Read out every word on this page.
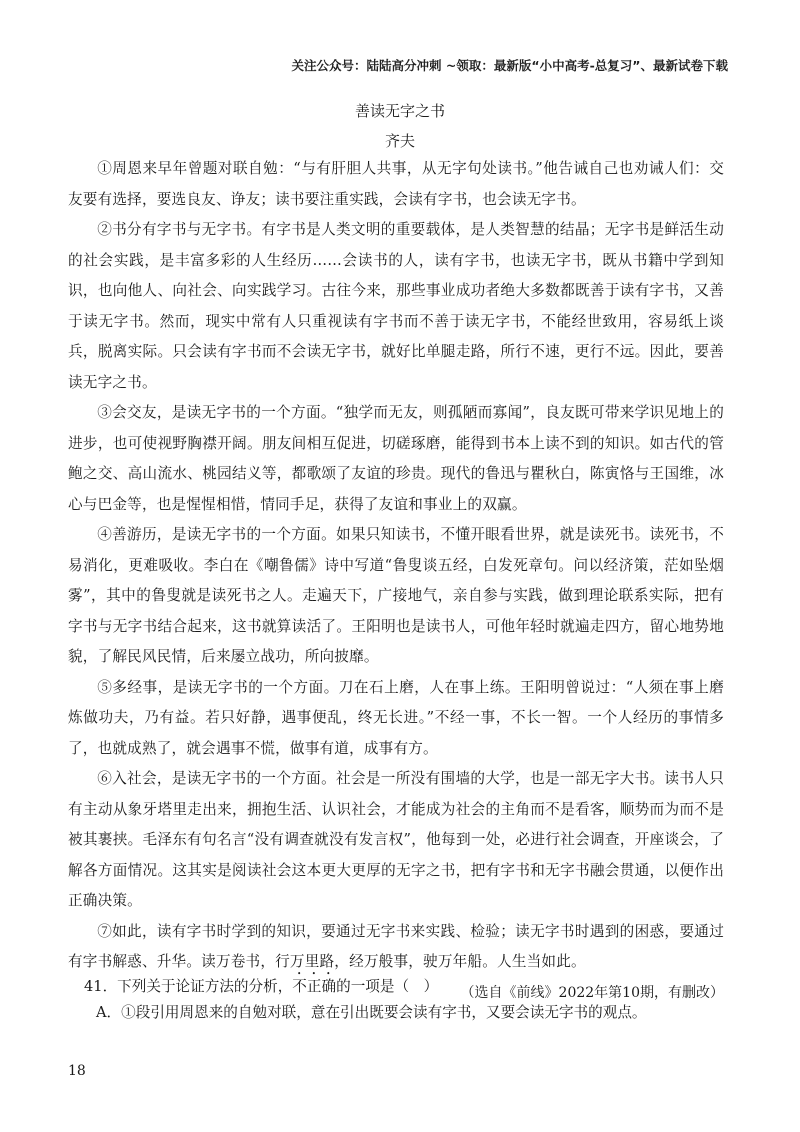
关注公众号：陆陆高分冲刺 ~领取：最新版“小中高考-总复习”、最新试卷下载
善读无字之书
齐夫

①周恩来早年曾题对联自勉：“与有肝胆人共事，从无字句处读书。”他告诫自己也劝诫人们：交友要有选择，要选良友、诤友；读书要注重实践，会读有字书，也会读无字书。

②书分有字书与无字书。有字书是人类文明的重要载体，是人类智慧的结晶；无字书是鲜活生动的社会实践，是丰富多彩的人生经历……会读书的人，读有字书，也读无字书，既从书籍中学到知识，也向他人、向社会、向实践学习。古往今来，那些事业成功者绝大多数都既善于读有字书，又善于读无字书。然而，现实中常有人只重视读有字书而不善于读无字书，不能经世致用，容易纸上谈兵，脱离实际。只会读有字书而不会读无字书，就好比单腿走路，所行不速，更行不远。因此，要善读无字之书。

③会交友，是读无字书的一个方面。“独学而无友，则孤陋而寡闻”，良友既可带来学识见地上的进步，也可使视野胸襟开阔。朋友间相互促进，切磋琢磨，能得到书本上读不到的知识。如古代的管鲍之交、高山流水、桃园结义等，都歌颂了友谊的珍贵。现代的鲁迅与瞿秋白，陈寅恪与王国维，冰心与巴金等，也是惺惺相惜，情同手足，获得了友谊和事业上的双赢。

④善游历，是读无字书的一个方面。如果只知读书，不懂开眼看世界，就是读死书。读死书，不易消化，更难吸收。李白在《嘲鲁儒》诗中写道“鲁叟谈五经，白发死章句。问以经济策，茫如坠烟雾”，其中的鲁叟就是读死书之人。走遍天下，广接地气，亲自参与实践，做到理论联系实际，把有字书与无字书结合起来，这书就算读活了。王阳明也是读书人，可他年轻时就遍走四方，留心地势地貌，了解民风民情，后来屡立战功，所向披靡。

⑤多经事，是读无字书的一个方面。刀在石上磨，人在事上练。王阳明曾说过：“人须在事上磨炼做功夫，乃有益。若只好静，遇事便乱，终无长进。”不经一事，不长一智。一个人经历的事情多了，也就成熟了，就会遇事不慌，做事有道，成事有方。

⑥入社会，是读无字书的一个方面。社会是一所没有围墙的大学，也是一部无字大书。读书人只有主动从象牙塔里走出来，拥抱生活、认识社会，才能成为社会的主角而不是看客，顺势而为而不是被其裹挟。毛泽东有句名言“没有调查就没有发言权”，他每到一处，必进行社会调查，开座谈会，了解各方面情况。这其实是阅读社会这本更大更厚的无字之书，把有字书和无字书融会贯通，以便作出正确决策。

⑦如此，读有字书时学到的知识，要通过无字书来实践、检验；读无字书时遇到的困惑，要通过有字书解惑、升华。读万卷书，行万里路，经万般事，驶万年船。人生当如此。

（选自《前线》2022年第10期，有删改）

41．下列关于论证方法的分析，不正确的一项是（　）
A．①段引用周恩来的自勉对联，意在引出既要会读有字书，又要会读无字书的观点。
18
